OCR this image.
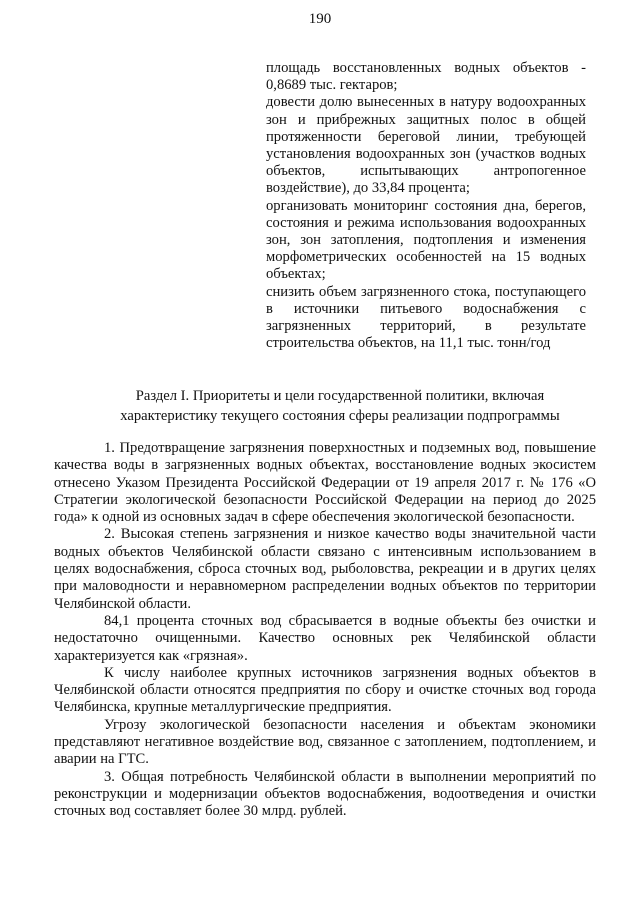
190

площадь восстановленных водных объектов - 0,8689 тыс. гектаров;

довести долю вынесенных в натуру водоохранных зон и прибрежных защитных полос в общей протяженности береговой линии, требующей установления водоохранных зон (участков водных объектов, испытывающих антропогенное воздействие), до 33,84 процента;

организовать мониторинг состояния дна, берегов, состояния и режима использования водоохранных зон, зон затопления, подтопления и изменения морфометрических особенностей на 15 водных объектах;

снизить объем загрязненного стока, поступающего в источники питьевого водоснабжения с загрязненных территорий, в результате строительства объектов, на 11,1 тыс. тонн/год

Раздел I. Приоритеты и цели государственной политики, включая
характеристику текущего состояния сферы реализации подпрограммы

1. Предотвращение загрязнения поверхностных и подземных вод, повышение качества воды в загрязненных водных объектах, восстановление водных экосистем отнесено Указом Президента Российской Федерации от 19 апреля 2017 г. № 176 «О Стратегии экологической безопасности Российской Федерации на период до 2025 года» к одной из основных задач в сфере обеспечения экологической безопасности.

2. Высокая степень загрязнения и низкое качество воды значительной части водных объектов Челябинской области связано с интенсивным использованием в целях водоснабжения, сброса сточных вод, рыболовства, рекреации и в других целях при маловодности и неравномерном распределении водных объектов по территории Челябинской области.

84,1 процента сточных вод сбрасывается в водные объекты без очистки и недостаточно очищенными. Качество основных рек Челябинской области характеризуется как «грязная».

К числу наиболее крупных источников загрязнения водных объектов в Челябинской области относятся предприятия по сбору и очистке сточных вод города Челябинска, крупные металлургические предприятия.

Угрозу экологической безопасности населения и объектам экономики представляют негативное воздействие вод, связанное с затоплением, подтоплением, и аварии на ГТС.

3. Общая потребность Челябинской области в выполнении мероприятий по реконструкции и модернизации объектов водоснабжения, водоотведения и очистки сточных вод составляет более 30 млрд. рублей.
